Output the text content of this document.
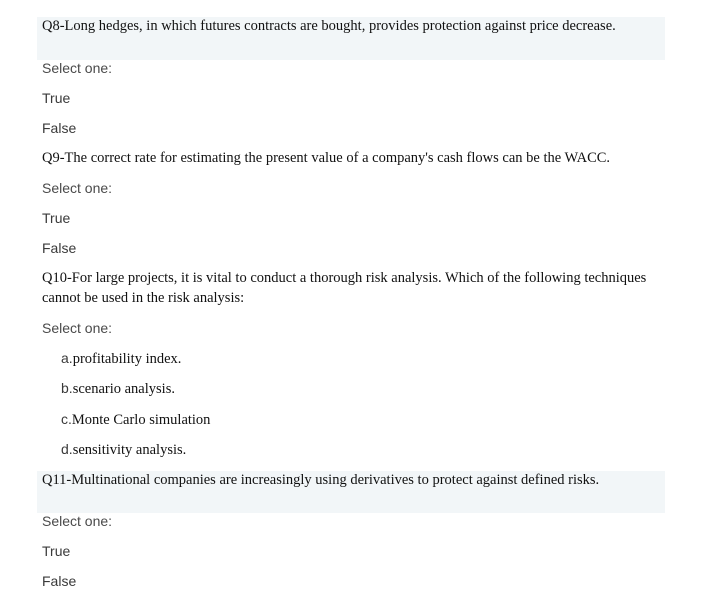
Q8-Long hedges, in which futures contracts are bought, provides protection against price decrease.
Select one:
True
False
Q9-The correct rate for estimating the present value of a company's cash flows can be the WACC.
Select one:
True
False
Q10-For large projects, it is vital to conduct a thorough risk analysis. Which of the following techniques
cannot be used in the risk analysis:
Select one:
a.profitability index.
b.scenario analysis.
c.Monte Carlo simulation
d.sensitivity analysis.
Q11-Multinational companies are increasingly using derivatives to protect against defined risks.
Select one:
True
False
